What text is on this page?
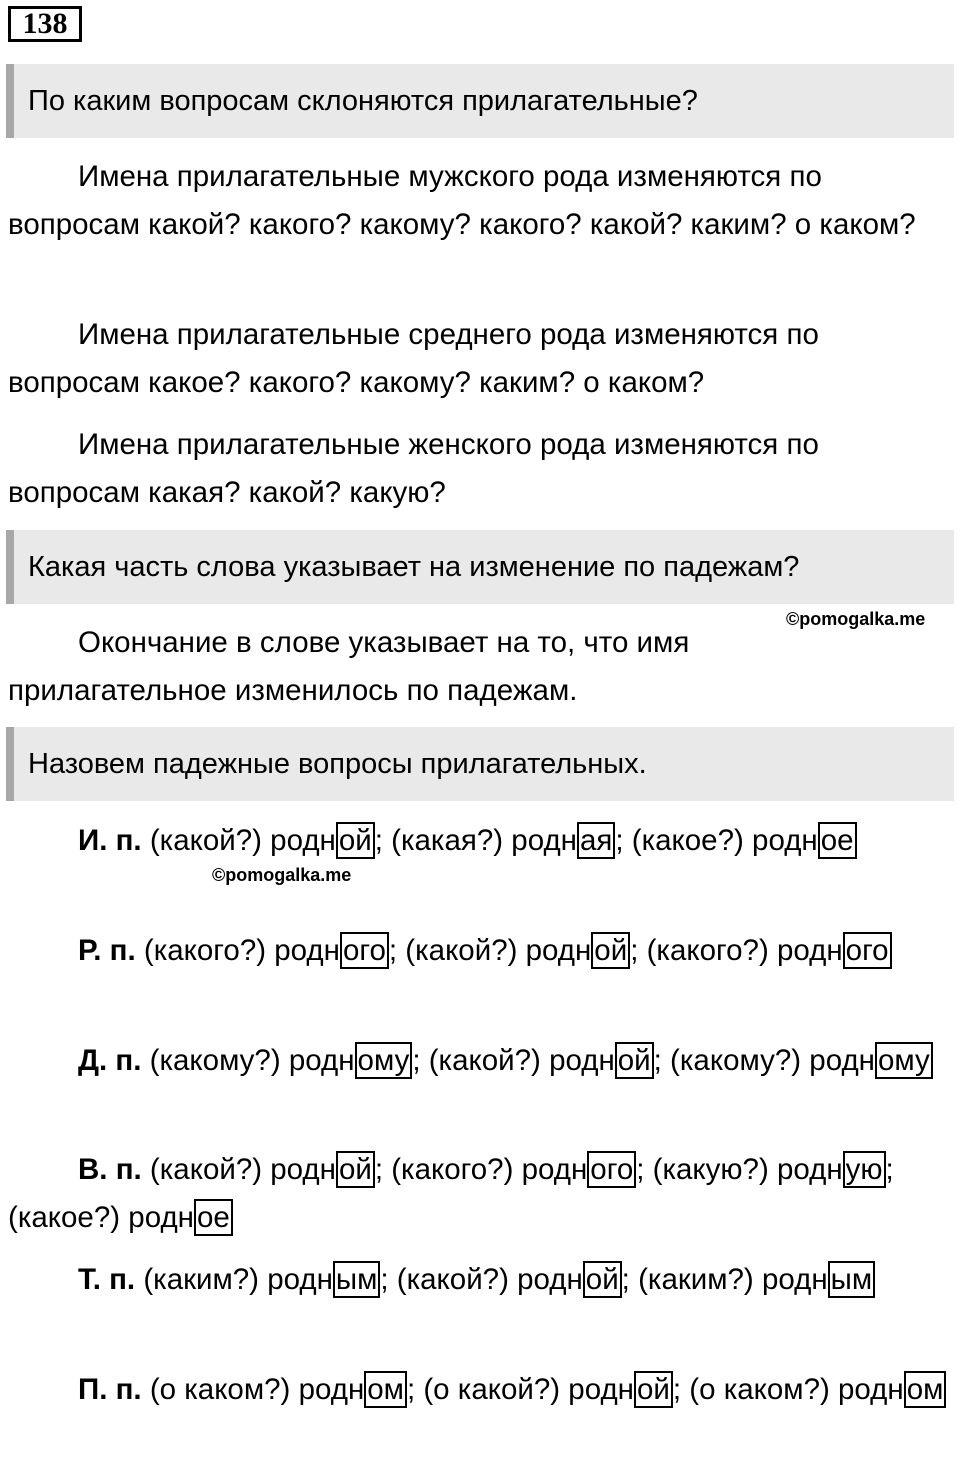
138
По каким вопросам склоняются прилагательные?
Имена прилагательные мужского рода изменяются по вопросам какой? какого? какому? какого? какой? каким? о каком?
Имена прилагательные среднего рода изменяются по вопросам какое? какого? какому? каким? о каком?
Имена прилагательные женского рода изменяются по вопросам какая? какой? какую?
Какая часть слова указывает на изменение по падежам?
©pomogalka.me
Окончание в слове указывает на то, что имя прилагательное изменилось по падежам.
Назовем падежные вопросы прилагательных.
©pomogalka.me
И. п. (какой?) родн ой ; (какая?) родн ая ; (какое?) родн ое
Р. п. (какого?) родн ого ; (какой?) родн ой ; (какого?) родн ого
Д. п. (какому?) родн ому ; (какой?) родн ой ; (какому?) родн ому
В. п. (какой?) родн ой ; (какого?) родн ого ; (какую?) родн ую ; (какое?) родн ое
Т. п. (каким?) родн ым ; (какой?) родн ой ; (каким?) родн ым
П. п. (о каком?) родн ом ; (о какой?) родн ой ; (о каком?) родн ом
